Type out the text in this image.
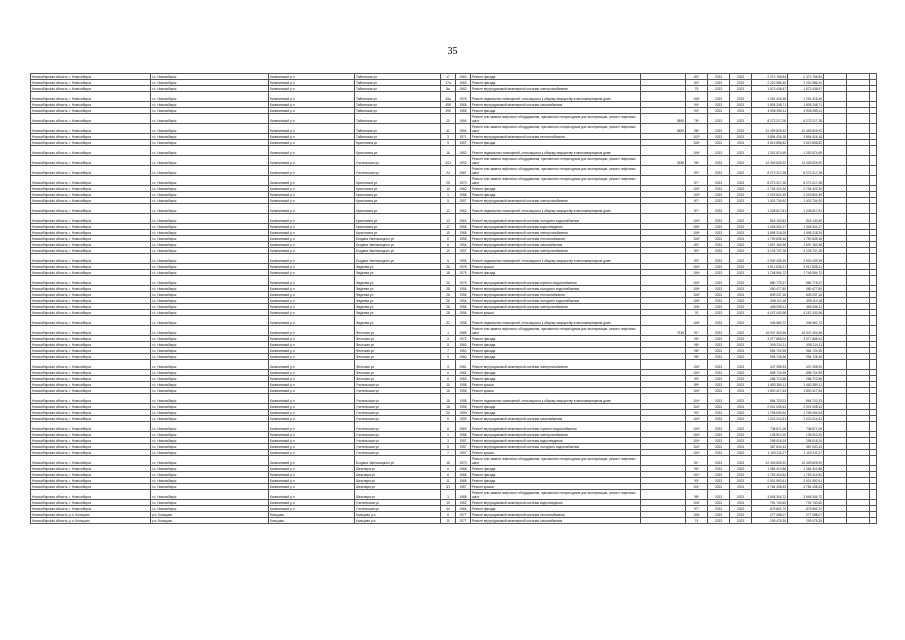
35
Новосибирская область, г. Новосибирск	г.о. Новосибирск	Калининский р-н	Тайгинская ул	17	1960	Ремонт фасада		83*	2023	2023	2 372 768,84	2 372 768,84			
Новосибирская область, г. Новосибирск	г.о. Новосибирск	Калининский р-н	Тайгинская ул	17а	1960	Ремонт фасада		83*	2023	2023	2 220 986,40	2 220 986,40			
Новосибирская область, г. Новосибирск	г.о. Новосибирск	Калининский р-н	Тайгинская ул	8а	1962	Ремонт внутридомовой инженерной системы электроснабжения		75	2023	2023	1 573 436,57	1 573 436,57			
Новосибирская область, г. Новосибирск	г.о. Новосибирск	Калининский р-н	Тайгинская ул	49а	1976	Ремонт подвальных помещений, относящихся к общему имуществу в многоквартирном доме		106*	2023	2023	1 251 415,46	1 251 415,46			
Новосибирская область, г. Новосибирск	г.о. Новосибирск	Калининский р-н	Тайгинская ул	49б	1965	Ремонт внутридомовой инженерной системы газоснабжения		94*	2023	2023	1 805 248,71	1 805 248,71			
Новосибирская область, г. Новосибирск	г.о. Новосибирск	Калининский р-н	Тайгинская ул	49б	1965	Ремонт фасада		94*	2023	2023	4 906 395,11	4 906 395,11			
Новосибирская область, г. Новосибирск	г.о. Новосибирск	Калининский р-н	Тайгинская ул	20	1994	Ремонт или замена лифтового оборудования, признанного непригодным для эксплуатации, ремонт лифтовых шахт	3890	78*	2023	2023	8 273 217,28	8 273 217,28			
Новосибирская область, г. Новосибирск	г.о. Новосибирск	Калининский р-н	Тайгинская ул	41	1994	Ремонт или замена лифтового оборудования, признанного непригодным для эксплуатации, ремонт лифтовых шахт	3890	98*	2023	2023	12 409 825,92	12 409 825,92			
Новосибирская область, г. Новосибирск	г.о. Новосибирск	Калининский р-н	Тайгинская ул	3	1971	Ремонт внутридомовой инженерной системы теплоснабжения		102*	2023	2023	3 894 426,18	3 894 426,18			
Новосибирская область, г. Новосибирск	г.о. Новосибирск	Калининский р-н	Кропоткина ул	9	1957	Ремонт фасада		106*	2023	2023	3 613 856,82	3 613 856,82			
Новосибирская область, г. Новосибирск	г.о. Новосибирск	Калининский р-н	Кропоткина ул	16	1962	Ремонт подвальных помещений, относящихся к общему имуществу в многоквартирном доме		106*	2023	2023	1 252 874,69	1 252 874,69			
Новосибирская область, г. Новосибирск	г.о. Новосибирск	Калининский р-н	Учительская ул	4/11	1992	Ремонт или замена лифтового оборудования, признанного непригодным для эксплуатации, ремонт лифтовых шахт	3936	98*	2023	2023	12 409 825,92	12 409 825,92			
Новосибирская область, г. Новосибирск	г.о. Новосибирск	Калининский р-н	Учительская ул	24	1987	Ремонт или замена лифтового оборудования, признанного непригодным для эксплуатации, ремонт лифтовых шахт		80*	2023	2023	8 273 217,28	8 273 217,28			
Новосибирская область, г. Новосибирск	г.о. Новосибирск	Калининский р-н	Кропоткина ул	25	1970	Ремонт или замена лифтового оборудования, признанного непригодным для эксплуатации, ремонт лифтовых шахт		87*	2023	2023	8 273 217,28	8 273 217,28			
Новосибирская область, г. Новосибирск	г.о. Новосибирск	Калининский р-н	Кропоткина ул	10	1962	Ремонт фасада		100*	2023	2023	2 734 422,30	2 734 422,30			
Новосибирская область, г. Новосибирск	г.о. Новосибирск	Калининский р-н	Кропоткина ул	1	1958	Ремонт фасада		100*	2023	2023	2 029 824,49	2 029 824,49			
Новосибирская область, г. Новосибирск	г.о. Новосибирск	Калининский р-н	Кропоткина ул	5	1957	Ремонт внутридомовой инженерной системы электроснабжения		87*	2023	2023	1 402 734,92	1 402 734,92			
Новосибирская область, г. Новосибирск	г.о. Новосибирск	Калининский р-н	Кропоткина ул	12	1962	Ремонт подвальных помещений, относящихся к общему имуществу в многоквартирном доме		87*	2023	2023	1 208 617,81	1 208 617,81			
Новосибирская область, г. Новосибирск	г.о. Новосибирск	Калининский р-н	Кропоткина ул	13	1963	Ремонт внутридомовой инженерной системы холодного водоснабжения		104*	2023	2023	818 130,82	818 130,82			
Новосибирская область, г. Новосибирск	г.о. Новосибирск	Калининский р-н	Кропоткина ул	17	1956	Ремонт внутридомовой инженерной системы водоотведения		106*	2023	2023	1 348 304,27	1 348 304,27			
Новосибирская область, г. Новосибирск	г.о. Новосибирск	Калининский р-н	Кропоткина ул	15	1968	Ремонт внутридомовой инженерной системы электроснабжения		106*	2023	2023	1 498 218,25	1 498 218,25			
Новосибирская область, г. Новосибирск	г.о. Новосибирск	Калининский р-н	Богдана Хмельницкого ул	6	1955	Ремонт внутридомовой инженерной системы теплоснабжения		106*	2023	2023	1 790 835,46	1 790 835,46			
Новосибирская область, г. Новосибирск	г.о. Новосибирск	Калининский р-н	Богдана Хмельницкого ул	8	1956	Ремонт внутридомовой инженерной системы газоснабжения		83*	2023	2023	1 697 163,98	1 697 163,98			
Новосибирская область, г. Новосибирск	г.о. Новосибирск	Калининский р-н	Богдана Хмельницкого ул	10	1957	Ремонт внутридомовой инженерной системы электроснабжения		83*	2023	2023	3 105 737,28	3 105 737,28			
Новосибирская область, г. Новосибирск	г.о. Новосибирск	Калининский р-н	Богдана Хмельницкого ул	5	1956	Ремонт подвальных помещений, относящихся к общему имуществу в многоквартирном доме		83*	2023	2023	2 930 439,39	2 930 439,39			
Новосибирская область, г. Новосибирск	г.о. Новосибирск	Калининский р-н	Фадеева ул	26	1978	Ремонт крыши		104*	2023	2023	3 912 838,21	3 912 838,21			
Новосибирская область, г. Новосибирск	г.о. Новосибирск	Калининский р-н	Фадеева ул	18	1975	Ремонт фасада		104*	2023	2023	1 748 954,72	1 748 954,72			
Новосибирская область, г. Новосибирск	г.о. Новосибирск	Калининский р-н	Фадеева ул	20	1975	Ремонт внутридомовой инженерной системы горячего водоснабжения		104*	2023	2023	880 775,37	880 775,37			
Новосибирская область, г. Новосибирск	г.о. Новосибирск	Калининский р-н	Фадеева ул	28	1956	Ремонт внутридомовой инженерной системы холодного водоснабжения		106*	2023	2023	450 477,80	450 477,80			
Новосибирская область, г. Новосибирск	г.о. Новосибирск	Калининский р-н	Фадеева ул	28	1956	Ремонт внутридомовой инженерной системы теплоснабжения		106*	2023	2023	839 237,16	839 237,16			
Новосибирская область, г. Новосибирск	г.о. Новосибирск	Калининский р-н	Фадеева ул	28	1956	Ремонт внутридомовой инженерной системы холодного водоснабжения		106*	2023	2023	398 110,18	398 110,18			
Новосибирская область, г. Новосибирск	г.о. Новосибирск	Калининский р-н	Фадеева ул	28	1956	Ремонт внутридомовой инженерной системы электроснабжения		106*	2023	2023	485 098,11	485 098,11			
Новосибирская область, г. Новосибирск	г.о. Новосибирск	Калининский р-н	Фадеева ул	28	1956	Ремонт крыши		76	2023	2023	4 157 433,98	4 157 433,98			
Новосибирская область, г. Новосибирск	г.о. Новосибирск	Калининский р-н	Фадеева ул	32	1958	Ремонт подвальных помещений, относящихся к общему имуществу в многоквартирном доме		106*	2023	2023	346 560,72	346 560,72			
Новосибирская область, г. Новосибирск	г.о. Новосибирск	Калининский р-н	Флотская ул	1	1985	Ремонт или замена лифтового оборудования, признанного непригодным для эксплуатации, ремонт лифтовых шахт	7516	91*	2023	2023	16 547 304,56	16 547 304,56			
Новосибирская область, г. Новосибирск	г.о. Новосибирск	Калининский р-н	Флотская ул	3	1972	Ремонт фасада		95*	2023	2023	3 077 866,04	3 077 866,04			
Новосибирская область, г. Новосибирск	г.о. Новосибирск	Калининский р-н	Флотская ул	5	1960	Ремонт фасада		98*	2023	2023	498 214,11	498 214,11			
Новосибирская область, г. Новосибирск	г.о. Новосибирск	Калининский р-н	Флотская ул	7	1960	Ремонт фасада		98*	2023	2023	954 724,95	954 724,95			
Новосибирская область, г. Новосибирск	г.о. Новосибирск	Калининский р-н	Флотская ул	9	1960	Ремонт фасада		98*	2023	2023	994 728,36	994 728,36			
Новосибирская область, г. Новосибирск	г.о. Новосибирск	Калининский р-н	Флотская ул	4	1961	Ремонт внутридомовой инженерной системы электроснабжения		104*	2023	2023	437 398,93	437 398,93			
Новосибирская область, г. Новосибирск	г.о. Новосибирск	Калининский р-н	Флотская ул	6	1961	Ремонт фасада		104*	2023	2023	898 724,95	898 724,95			
Новосибирская область, г. Новосибирск	г.о. Новосибирск	Калининский р-н	Флотская ул	8	1960	Ремонт фасада		93*	2023	2023	286 713,58	286 713,58			
Новосибирская область, г. Новосибирск	г.о. Новосибирск	Калининский р-н	Учительская ул	10	1958	Ремонт крыши		89*	2023	2023	1 483 389,11	1 483 389,11			
Новосибирская область, г. Новосибирск	г.о. Новосибирск	Калининский р-н	Учительская ул	16	1958	Ремонт крыши		104*	2023	2023	1 800 417,64	1 800 417,64			
Новосибирская область, г. Новосибирск	г.о. Новосибирск	Калининский р-н	Учительская ул	18	1958	Ремонт подвальных помещений, относящихся к общему имуществу в многоквартирном доме		104*	2023	2023	864 720,23	864 720,23			
Новосибирская область, г. Новосибирск	г.о. Новосибирск	Калининский р-н	Учительская ул	18	1958	Ремонт фасада		104*	2023	2023	2 001 008,43	2 001 008,43			
Новосибирская область, г. Новосибирск	г.о. Новосибирск	Калининский р-н	Учительская ул	20	1959	Ремонт фасада		93*	2023	2023	1 796 094,54	1 796 094,54			
Новосибирская область, г. Новосибирск	г.о. Новосибирск	Калининский р-н	Учительская ул	6	1959	Ремонт внутридомовой инженерной системы газоснабжения		104*	2023	2023	1 023 214,61	1 023 214,61			
Новосибирская область, г. Новосибирск	г.о. Новосибирск	Калининский р-н	Учительская ул	8	1960	Ремонт внутридомовой инженерной системы горячего водоснабжения		104*	2023	2023	738 871,06	738 871,06			
Новосибирская область, г. Новосибирск	г.о. Новосибирск	Калининский р-н	Учительская ул	1	1958	Ремонт внутридомовой инженерной системы электроснабжения		104*	2023	2023	135 910,20	135 910,20			
Новосибирская область, г. Новосибирск	г.о. Новосибирск	Калининский р-н	Учительская ул	3	1957	Ремонт внутридомовой инженерной системы водоотведения		104*	2023	2023	298 018,20	298 018,20			
Новосибирская область, г. Новосибирск	г.о. Новосибирск	Калининский р-н	Учительская ул	5	1957	Ремонт внутридомовой инженерной системы холодного водоснабжения		104*	2023	2023	387 640,43	387 640,43			
Новосибирская область, г. Новосибирск	г.о. Новосибирск	Калининский р-н	Учительская ул	7	1957	Ремонт крыши		104*	2023	2023	1 153 211,27	1 153 211,27			
Новосибирская область, г. Новосибирск	г.о. Новосибирск	Калининский р-н	Богдана Хмельницкого ул	16	1970	Ремонт или замена лифтового оборудования, признанного непригодным для эксплуатации, ремонт лифтовых шахт		81*	2023	2023	12 409 825,92	12 409 825,92			
Новосибирская область, г. Новосибирск	г.о. Новосибирск	Калининский р-н	Шекспира ул	6	1968	Ремонт фасада		96*	2023	2023	1 384 410,88	1 384 410,88			
Новосибирская область, г. Новосибирск	г.о. Новосибирск	Калининский р-н	Шекспира ул	8	1966	Ремонт фасада		101*	2023	2023	1 753 414,84	1 753 414,84			
Новосибирская область, г. Новосибирск	г.о. Новосибирск	Калининский р-н	Шекспира ул	11	1968	Ремонт фасада		93*	2023	2023	2 001 992,61	2 001 992,61			
Новосибирская область, г. Новосибирск	г.о. Новосибирск	Калининский р-н	Шекспира ул	3/1	1967	Ремонт крыши		101*	2023	2023	4 784 438,53	4 784 438,53			
Новосибирская область, г. Новосибирск	г.о. Новосибирск	Калининский р-н	Шекспира ул	1	1968	Ремонт или замена лифтового оборудования, признанного непригодным для эксплуатации, ремонт лифтовых шахт		98*	2023	2023	3 648 304,72	3 648 304,72			
Новосибирская область, г. Новосибирск	г.о. Новосибирск	Калининский р-н	Учительская ул	19	1962	Ремонт внутридомовой инженерной системы водоотведения		106*	2023	2023	791 740,60	791 740,60			
Новосибирская область, г. Новосибирск	г.о. Новосибирск	Калининский р-н	Учительская ул	44	1966	Ремонт фасада		97*	2023	2023	875 852,70	875 852,70			
Новосибирская область, р.п. Кольцово	р.п. Кольцово	Кольцово	Кольцово р.п.	8	1977	Ремонт внутридомовой инженерной системы теплоснабжения		106*	2023	2023	277 088,07	277 088,07			
Новосибирская область, р.п. Кольцово	р.п. Кольцово	Кольцово	Кольцово р.п.	10	1977	Ремонт внутридомовой инженерной системы газоснабжения		74	2023	2023	209 478,35	209 478,35			
